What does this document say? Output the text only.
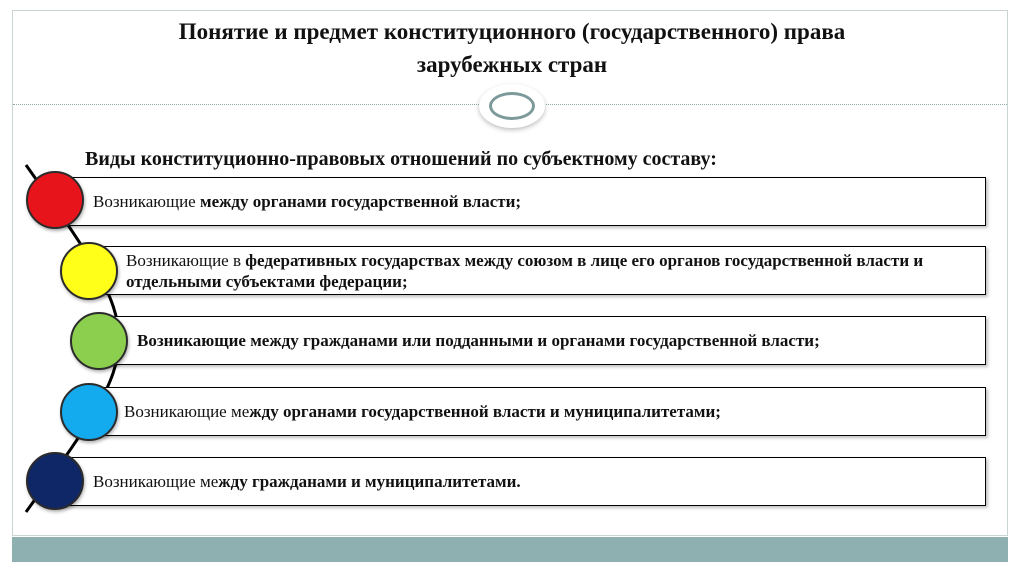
Понятие и предмет конституционного (государственного) права
зарубежных стран
Виды конституционно-правовых отношений по субъектному составу:
Возникающие между органами государственной власти;
Возникающие в федеративных государствах между союзом в лице его органов государственной власти и отдельными субъектами федерации;
Возникающие между гражданами или подданными и органами государственной власти;
Возникающие между органами государственной власти и муниципалитетами;
Возникающие между гражданами и муниципалитетами.
